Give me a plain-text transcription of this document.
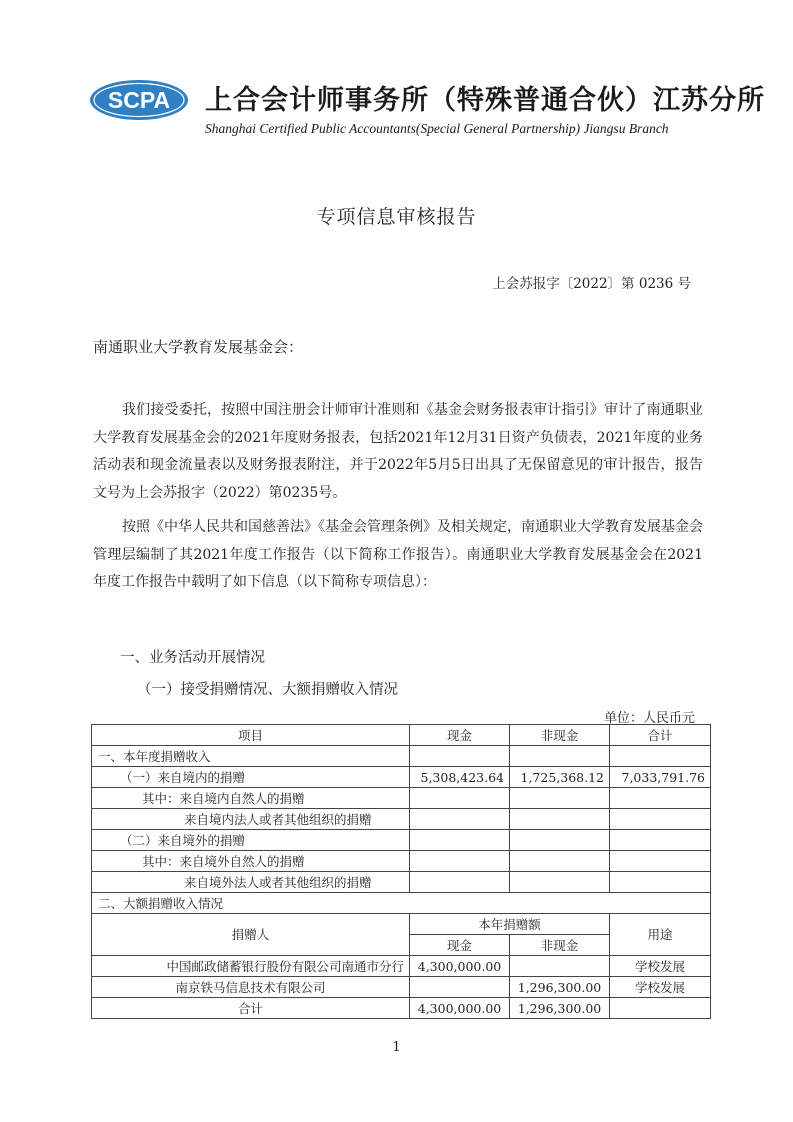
SCPA 上合会计师事务所（特殊普通合伙）江苏分所
Shanghai Certified Public Accountants(Special General Partnership) Jiangsu Branch
专项信息审核报告
上会苏报字〔2022〕第 0236 号
南通职业大学教育发展基金会：
我们接受委托，按照中国注册会计师审计准则和《基金会财务报表审计指引》审计了南通职业大学教育发展基金会的2021年度财务报表，包括2021年12月31日资产负债表，2021年度的业务活动表和现金流量表以及财务报表附注，并于2022年5月5日出具了无保留意见的审计报告，报告文号为上会苏报字（2022）第0235号。
按照《中华人民共和国慈善法》《基金会管理条例》及相关规定，南通职业大学教育发展基金会管理层编制了其2021年度工作报告（以下简称工作报告）。南通职业大学教育发展基金会在2021年度工作报告中载明了如下信息（以下简称专项信息）：
一、业务活动开展情况
（一）接受捐赠情况、大额捐赠收入情况
单位：人民币元
项目	现金	非现金	合计
一、本年度捐赠收入			
（一）来自境内的捐赠	5,308,423.64	1,725,368.12	7,033,791.76
其中：来自境内自然人的捐赠			
来自境内法人或者其他组织的捐赠			
（二）来自境外的捐赠			
其中：来自境外自然人的捐赠			
来自境外法人或者其他组织的捐赠			
二、大额捐赠收入情况			
捐赠人	本年捐赠额		用途
	现金	非现金	
中国邮政储蓄银行股份有限公司南通市分行	4,300,000.00		学校发展
南京铁马信息技术有限公司		1,296,300.00	学校发展
合计	4,300,000.00	1,296,300.00	
1
